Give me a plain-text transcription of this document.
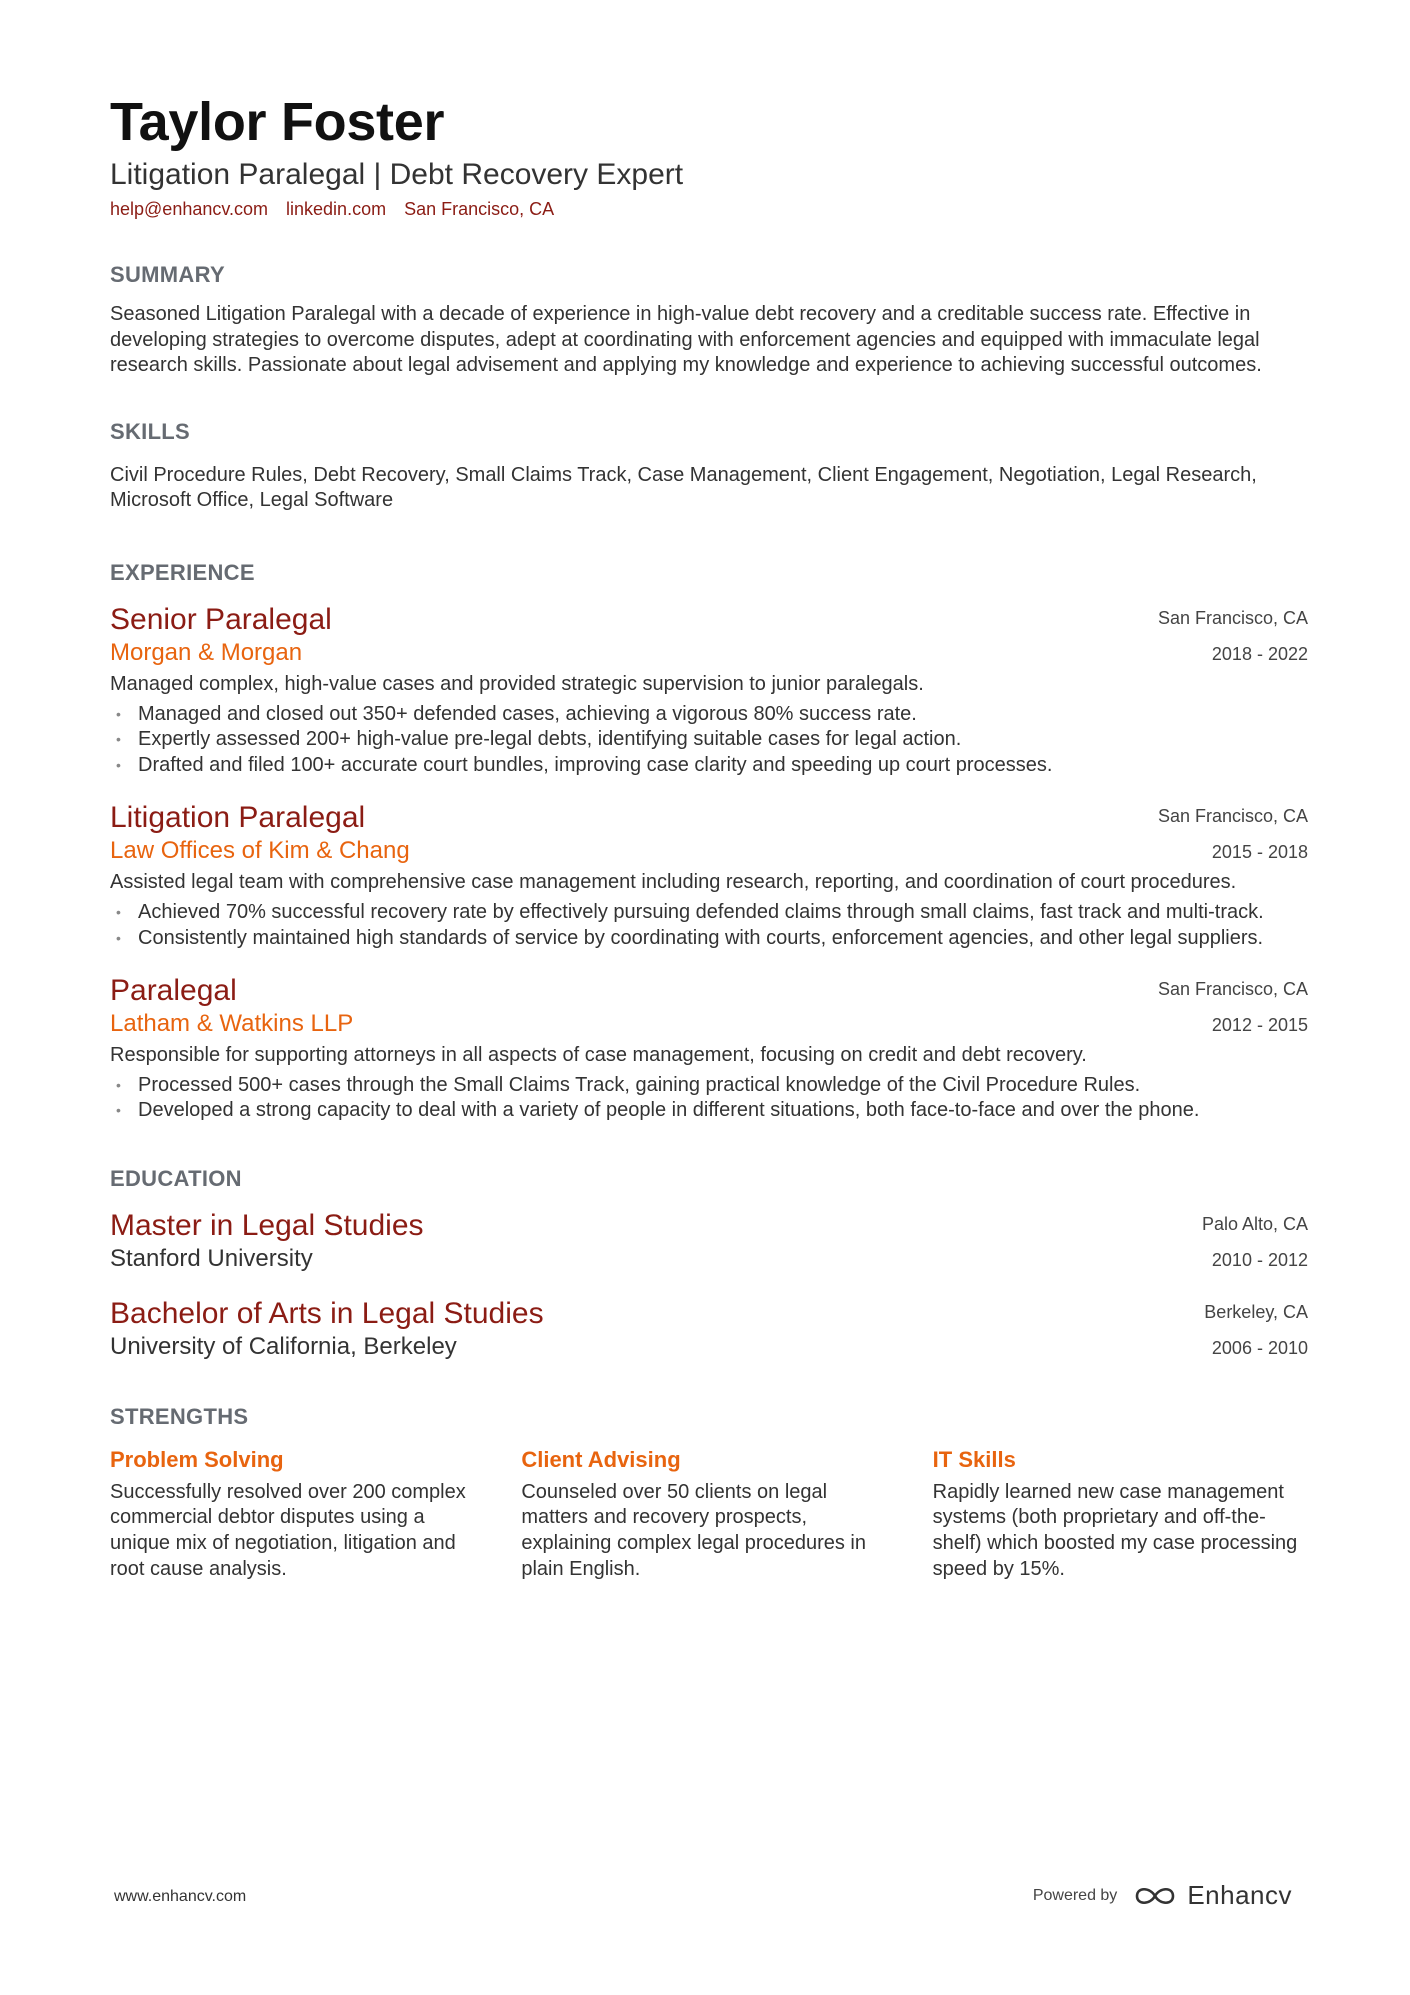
Taylor Foster
Litigation Paralegal | Debt Recovery Expert
help@enhancv.com linkedin.com San Francisco, CA
SUMMARY

Seasoned Litigation Paralegal with a decade of experience in high-value debt recovery and a creditable success rate. Effective in developing strategies to overcome disputes, adept at coordinating with enforcement agencies and equipped with immaculate legal research skills. Passionate about legal advisement and applying my knowledge and experience to achieving successful outcomes.

SKILLS

Civil Procedure Rules, Debt Recovery, Small Claims Track, Case Management, Client Engagement, Negotiation, Legal Research, Microsoft Office, Legal Software

EXPERIENCE
Senior Paralegal
Morgan & Morgan
San Francisco, CA
2018 - 2022

Managed complex, high-value cases and provided strategic supervision to junior paralegals.

• Managed and closed out 350+ defended cases, achieving a vigorous 80% success rate.
• Expertly assessed 200+ high-value pre-legal debts, identifying suitable cases for legal action.
• Drafted and filed 100+ accurate court bundles, improving case clarity and speeding up court processes.
Litigation Paralegal
Law Offices of Kim & Chang
San Francisco, CA
2015 - 2018

Assisted legal team with comprehensive case management including research, reporting, and coordination of court procedures.

• Achieved 70% successful recovery rate by effectively pursuing defended claims through small claims, fast track and multi-track.
• Consistently maintained high standards of service by coordinating with courts, enforcement agencies, and other legal suppliers.
Paralegal
Latham & Watkins LLP
San Francisco, CA
2012 - 2015

Responsible for supporting attorneys in all aspects of case management, focusing on credit and debt recovery.

• Processed 500+ cases through the Small Claims Track, gaining practical knowledge of the Civil Procedure Rules.
• Developed a strong capacity to deal with a variety of people in different situations, both face-to-face and over the phone.
EDUCATION
Master in Legal Studies
Stanford University
Palo Alto, CA
2010 - 2012
Bachelor of Arts in Legal Studies
University of California, Berkeley
Berkeley, CA
2006 - 2010
STRENGTHS
Problem Solving

Successfully resolved over 200 complex commercial debtor disputes using a unique mix of negotiation, litigation and root cause analysis.

Client Advising

Counseled over 50 clients on legal matters and recovery prospects, explaining complex legal procedures in plain English.

IT Skills

Rapidly learned new case management systems (both proprietary and off-the-shelf) which boosted my case processing speed by 15%.

www.enhancv.com	Powered by	Enhancv
